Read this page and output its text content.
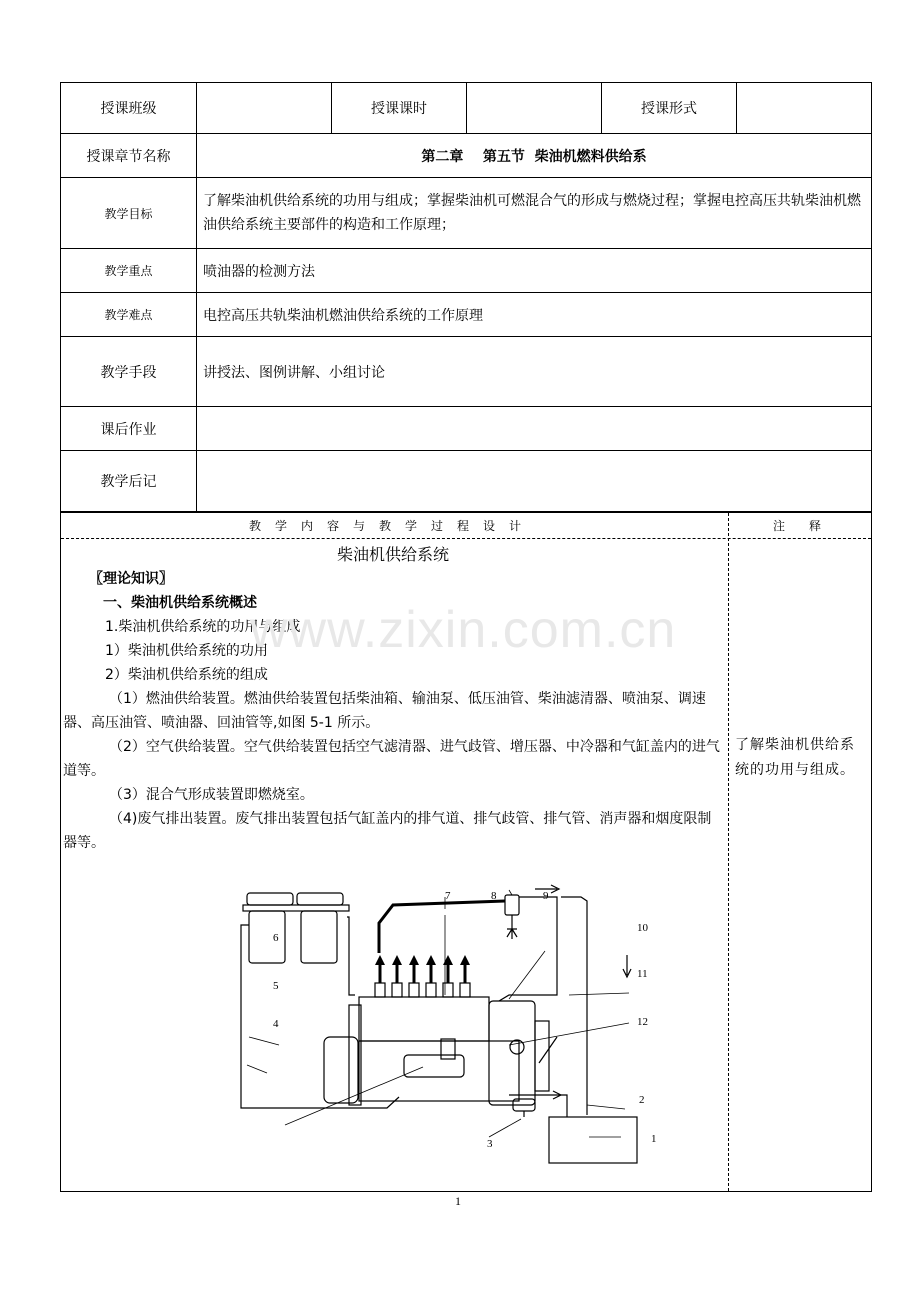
授课班级		授课课时		授课形式	
授课章节名称	第二章    第五节  柴油机燃料供给系				
教学目标	了解柴油机供给系统的功用与组成；掌握柴油机可燃混合气的形成与燃烧过程；掌握电控高压共轨柴油机燃油供给系统主要部件的构造和工作原理；				
教学重点	喷油器的检测方法				
教学难点	电控高压共轨柴油机燃油供给系统的工作原理				
教学手段	讲授法、图例讲解、小组讨论				
课后作业					
教学后记					
教学内容与教学过程设计	注释

柴油机供给系统

〖理论知识〗

一、柴油机供给系统概述

1.柴油机供给系统的功用与组成

1）柴油机供给系统的功用

2）柴油机供给系统的组成

（1）燃油供给装置。燃油供给装置包括柴油箱、输油泵、低压油管、柴油滤清器、喷油泵、调速器、高压油管、喷油器、回油管等,如图 5-1 所示。

（2）空气供给装置。空气供给装置包括空气滤清器、进气歧管、增压器、中冷器和气缸盖内的进气道等。

（3）混合气形成装置即燃烧室。

（4)废气排出装置。废气排出装置包括气缸盖内的排气道、排气歧管、排气管、消声器和烟度限制器等。

了解柴油机供给系统的功用与组成。
1
2
3
4
5
6
7	8	9
10
11
12
www.zixin.com.cn
1
